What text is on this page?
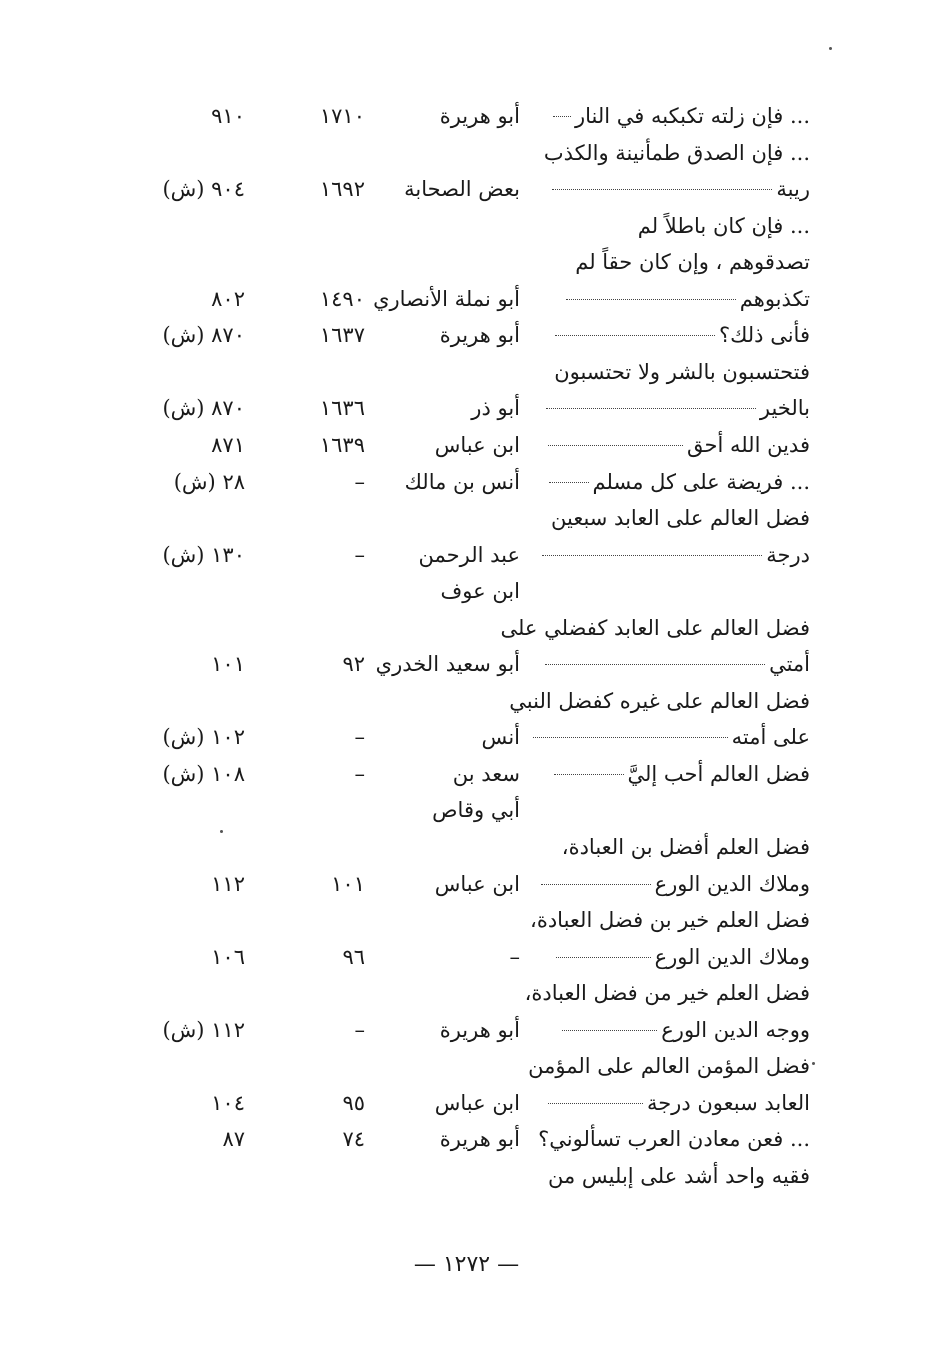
... فإن زلته تكبكبه في النار
أبو هريرة
١٧١٠
٩١٠
... فإن الصدق طمأنينة والكذب
ريبة
بعض الصحابة
١٦٩٢
٩٠٤ (ش)
... فإن كان باطلاً لم
تصدقوهم ، وإن كان حقاً لم
تكذبوهم
أبو نملة الأنصاري
١٤٩٠
٨٠٢
فأنى ذلك؟
أبو هريرة
١٦٣٧
٨٧٠ (ش)
فتحتسبون بالشر ولا تحتسبون
بالخير
أبو ذر
١٦٣٦
٨٧٠ (ش)
فدين الله أحق
ابن عباس
١٦٣٩
٨٧١
... فريضة على كل مسلم
أنس بن مالك
–
٢٨ (ش)
فضل العالم على العابد سبعين
درجة
عبد الرحمن
–
١٣٠ (ش)
ابن عوف
فضل العالم على العابد كفضلي على
أمتي
أبو سعيد الخدري
٩٢
١٠١
فضل العالم على غيره كفضل النبي
على أمته
أنس
–
١٠٢ (ش)
فضل العالم أحب إليَّ
سعد بن
–
١٠٨ (ش)
أبي وقاص
فضل العلم أفضل بن العبادة،
وملاك الدين الورع
ابن عباس
١٠١
١١٢
فضل العلم خير بن فضل العبادة،
وملاك الدين الورع
–
٩٦
١٠٦
فضل العلم خير من فضل العبادة،
ووجه الدين الورع
أبو هريرة
–
١١٢ (ش)
فضل المؤمن العالم على المؤمن
العابد سبعون درجة
ابن عباس
٩٥
١٠٤
... فعن معادن العرب تسألوني؟
أبو هريرة
٧٤
٨٧
فقيه واحد أشد على إبليس من
— ١٢٧٢ —
